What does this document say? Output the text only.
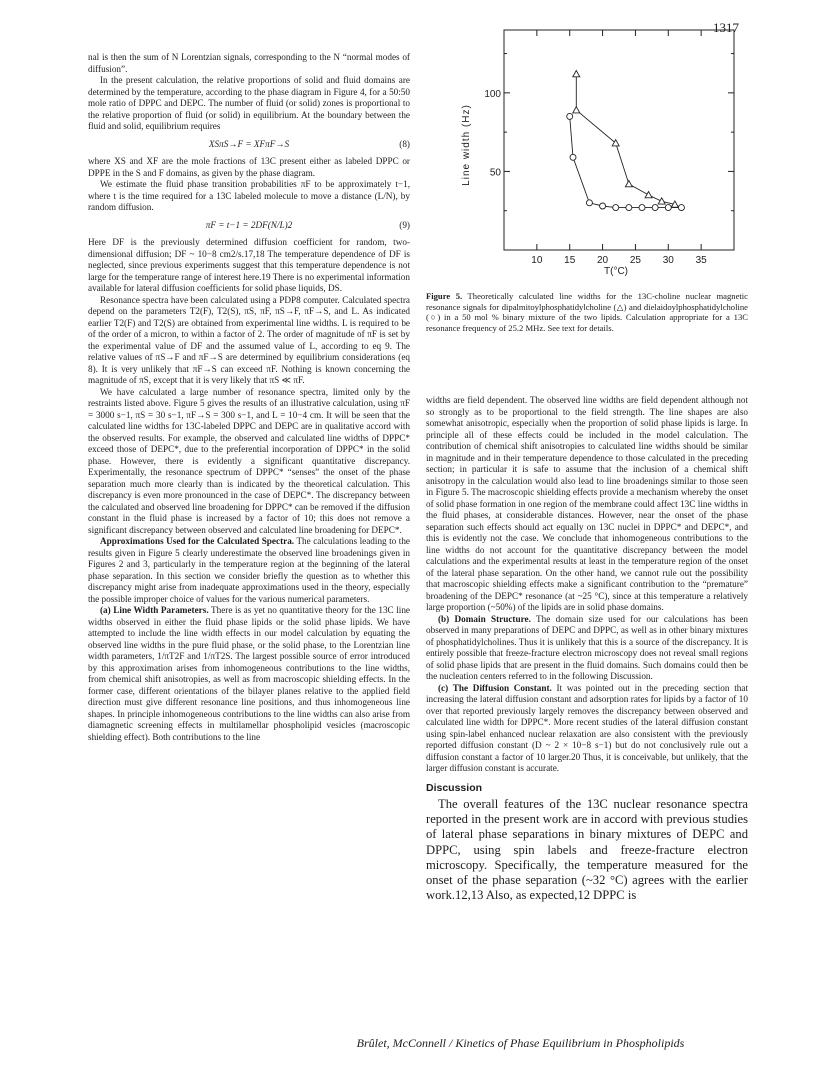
1317

nal is then the sum of N Lorentzian signals, corresponding to the N “normal modes of diffusion”.

In the present calculation, the relative proportions of solid and fluid domains are determined by the temperature, according to the phase diagram in Figure 4, for a 50:50 mole ratio of DPPC and DEPC. The number of fluid (or solid) zones is proportional to the relative proportion of fluid (or solid) in equilibrium. At the boundary between the fluid and solid, equilibrium requires

XSπS→F = XFπF→S	(8)

where XS and XF are the mole fractions of 13C present either as labeled DPPC or DPPE in the S and F domains, as given by the phase diagram.

We estimate the fluid phase transition probabilities πF to be approximately t−1, where t is the time required for a 13C labeled molecule to move a distance (L/N), by random diffusion.

πF = t−1 = 2DF(N/L)2	(9)

Here DF is the previously determined diffusion coefficient for random, two-dimensional diffusion; DF ~ 10−8 cm2/s.17,18 The temperature dependence of DF is neglected, since previous experiments suggest that this temperature dependence is not large for the temperature range of interest here.19 There is no experimental information available for lateral diffusion coefficients for solid phase liquids, DS.

Resonance spectra have been calculated using a PDP8 computer. Calculated spectra depend on the parameters T2(F), T2(S), πS, πF, πS→F, πF→S, and L. As indicated earlier T2(F) and T2(S) are obtained from experimental line widths. L is required to be of the order of a micron, to within a factor of 2. The order of magnitude of πF is set by the experimental value of DF and the assumed value of L, according to eq 9. The relative values of πS→F and πF→S are determined by equilibrium considerations (eq 8). It is very unlikely that πF→S can exceed πF. Nothing is known concerning the magnitude of πS, except that it is very likely that πS ≪ πF.

We have calculated a large number of resonance spectra, limited only by the restraints listed above. Figure 5 gives the results of an illustrative calculation, using πF = 3000 s−1, πS = 30 s−1, πF→S = 300 s−1, and L = 10−4 cm. It will be seen that the calculated line widths for 13C-labeled DPPC and DEPC are in qualitative accord with the observed results. For example, the observed and calculated line widths of DPPC* exceed those of DEPC*, due to the preferential incorporation of DPPC* in the solid phase. However, there is evidently a significant quantitative discrepancy. Experimentally, the resonance spectrum of DPPC* “senses” the onset of the phase separation much more clearly than is indicated by the theoretical calculation. This discrepancy is even more pronounced in the case of DEPC*. The discrepancy between the calculated and observed line broadening for DPPC* can be removed if the diffusion constant in the fluid phase is increased by a factor of 10; this does not remove a significant discrepancy between observed and calculated line broadening for DEPC*.

Approximations Used for the Calculated Spectra. The calculations leading to the results given in Figure 5 clearly underestimate the observed line broadenings given in Figures 2 and 3, particularly in the temperature region at the beginning of the lateral phase separation. In this section we consider briefly the question as to whether this discrepancy might arise from inadequate approximations used in the theory, especially the possible improper choice of values for the various numerical parameters.

(a) Line Width Parameters. There is as yet no quantitative theory for the 13C line widths observed in either the fluid phase lipids or the solid phase lipids. We have attempted to include the line width effects in our model calculation by equating the observed line widths in the pure fluid phase, or the solid phase, to the Lorentzian line width parameters, 1/πT2F and 1/πT2S. The largest possible source of error introduced by this approximation arises from inhomogeneous contributions to the line widths, from chemical shift anisotropies, as well as from macroscopic shielding effects. In the former case, different orientations of the bilayer planes relative to the applied field direction must give different resonance line positions, and thus inhomogeneous line shapes. In principle inhomogeneous contributions to the line widths can also arise from diamagnetic screening effects in multilamellar phospholipid vesicles (macroscopic shielding effect). Both contributions to the line

10 15 20 25 30 35
50
100
Line width (Hz)
T(°C)
Figure 5. Theoretically calculated line widths for the 13C-choline nuclear magnetic resonance signals for dipalmitoylphosphatidylcholine (△) and dielaidoylphosphatidylcholine (○) in a 50 mol % binary mixture of the two lipids. Calculation appropriate for a 13C resonance frequency of 25.2 MHz. See text for details.

widths are field dependent. The observed line widths are field dependent although not so strongly as to be proportional to the field strength. The line shapes are also somewhat anisotropic, especially when the proportion of solid phase lipids is large. In principle all of these effects could be included in the model calculation. The contribution of chemical shift anisotropies to calculated line widths should be similar in magnitude and in their temperature dependence to those calculated in the preceding section; in particular it is safe to assume that the inclusion of a chemical shift anisotropy in the calculation would also lead to line broadenings similar to those seen in Figure 5. The macroscopic shielding effects provide a mechanism whereby the onset of solid phase formation in one region of the membrane could affect 13C line widths in the fluid phases, at considerable distances. However, near the onset of the phase separation such effects should act equally on 13C nuclei in DPPC* and DEPC*, and this is evidently not the case. We conclude that inhomogeneous contributions to the line widths do not account for the quantitative discrepancy between the model calculations and the experimental results at least in the temperature region of the onset of the lateral phase separation. On the other hand, we cannot rule out the possibility that macroscopic shielding effects make a significant contribution to the “premature” broadening of the DEPC* resonance (at ~25 °C), since at this temperature a relatively large proportion (~50%) of the lipids are in solid phase domains.

(b) Domain Structure. The domain size used for our calculations has been observed in many preparations of DEPC and DPPC, as well as in other binary mixtures of phosphatidylcholines. Thus it is unlikely that this is a source of the discrepancy. It is entirely possible that freeze-fracture electron microscopy does not reveal small regions of solid phase lipids that are present in the fluid domains. Such domains could then be the nucleation centers referred to in the following Discussion.

(c) The Diffusion Constant. It was pointed out in the preceding section that increasing the lateral diffusion constant and adsorption rates for lipids by a factor of 10 over that reported previously largely removes the discrepancy between observed and calculated line width for DPPC*. More recent studies of the lateral diffusion constant using spin-label enhanced nuclear relaxation are also consistent with the previously reported diffusion constant (D ~ 2 × 10−8 s−1) but do not conclusively rule out a diffusion constant a factor of 10 larger.20 Thus, it is conceivable, but unlikely, that the larger diffusion constant is accurate.

Discussion

The overall features of the 13C nuclear resonance spectra reported in the present work are in accord with previous studies of lateral phase separations in binary mixtures of DEPC and DPPC, using spin labels and freeze-fracture electron microscopy. Specifically, the temperature measured for the onset of the phase separation (~32 °C) agrees with the earlier work.12,13 Also, as expected,12 DPPC is

Brûlet, McConnell / Kinetics of Phase Equilibrium in Phospholipids
